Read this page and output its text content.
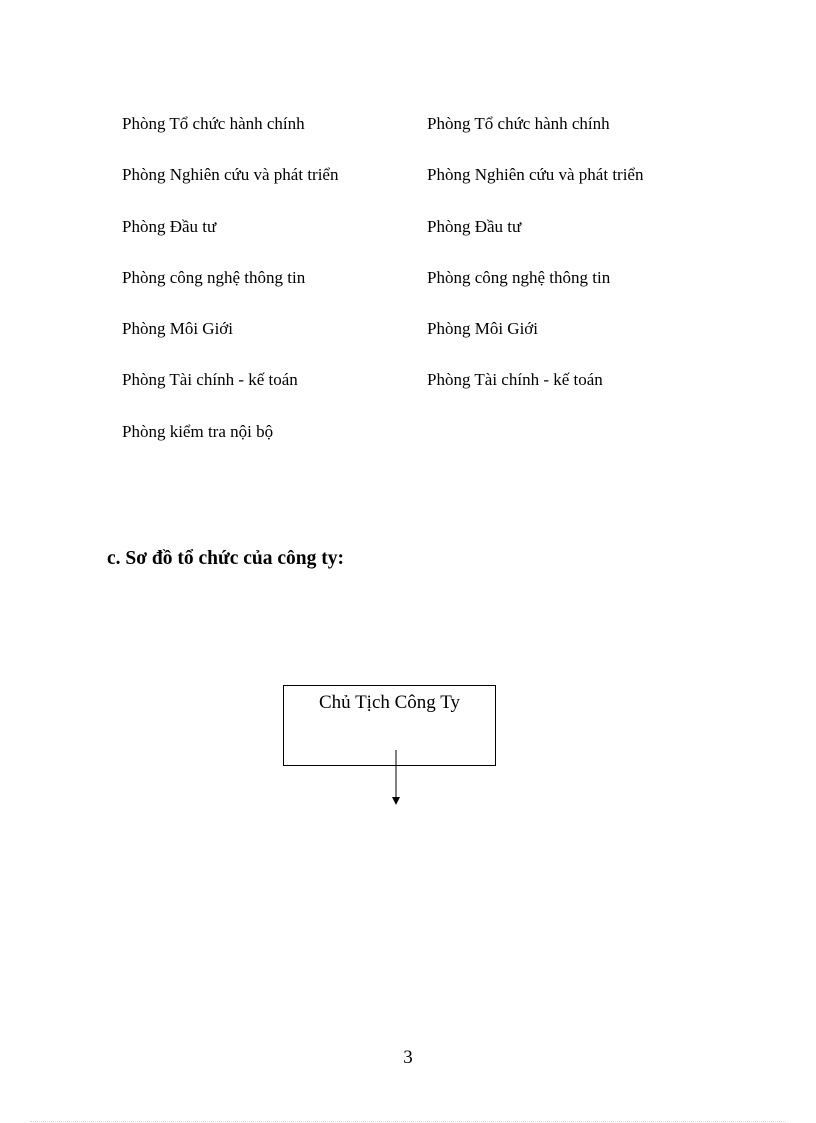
Phòng Tổ chức hành chính
Phòng Nghiên cứu và phát triển
Phòng Đầu tư
Phòng công nghệ thông tin
Phòng Môi Giới
Phòng Tài chính - kế toán
Phòng kiểm tra nội bộ
Phòng Tổ chức hành chính
Phòng Nghiên cứu và phát triển
Phòng Đầu tư
Phòng công nghệ thông tin
Phòng Môi Giới
Phòng Tài chính - kế toán
c. Sơ đồ tổ chức của công ty:
Chủ Tịch Công Ty
3
